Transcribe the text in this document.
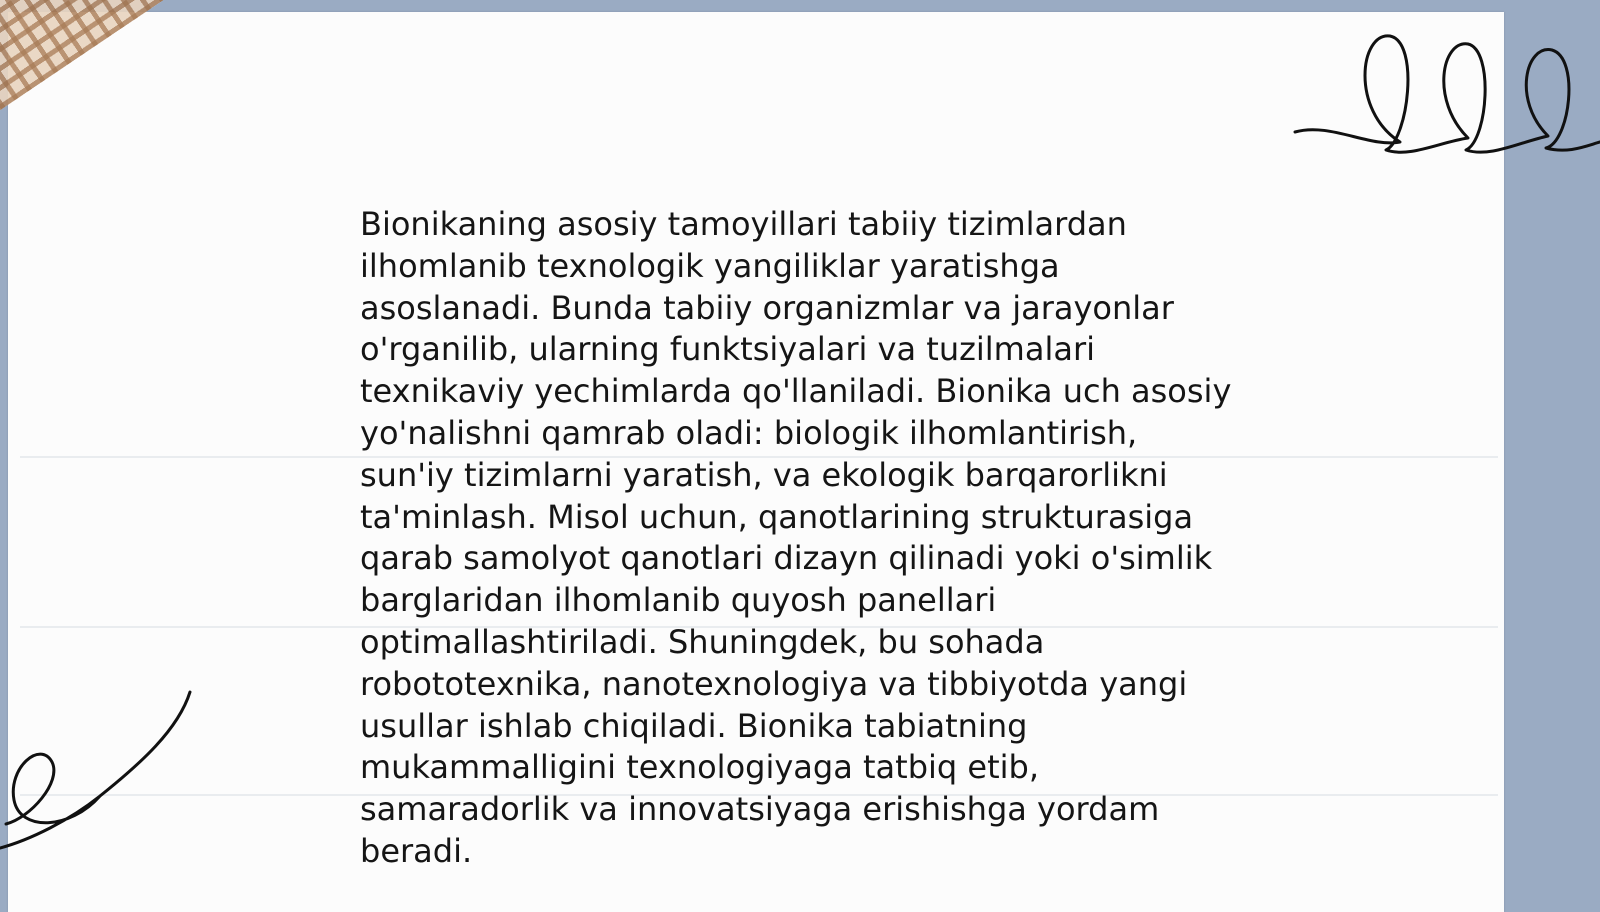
Bionikaning asosiy tamoyillari tabiiy tizimlardan
ilhomlanib texnologik yangiliklar yaratishga
asoslanadi. Bunda tabiiy organizmlar va jarayonlar
o'rganilib, ularning funktsiyalari va tuzilmalari
texnikaviy yechimlarda qo'llaniladi. Bionika uch asosiy
yo'nalishni qamrab oladi: biologik ilhomlantirish,
sun'iy tizimlarni yaratish, va ekologik barqarorlikni
ta'minlash. Misol uchun, qanotlarining strukturasiga
qarab samolyot qanotlari dizayn qilinadi yoki o'simlik
barglaridan ilhomlanib quyosh panellari
optimallashtiriladi. Shuningdek, bu sohada
robototexnika, nanotexnologiya va tibbiyotda yangi
usullar ishlab chiqiladi. Bionika tabiatning
mukammalligini texnologiyaga tatbiq etib,
samaradorlik va innovatsiyaga erishishga yordam
beradi.
